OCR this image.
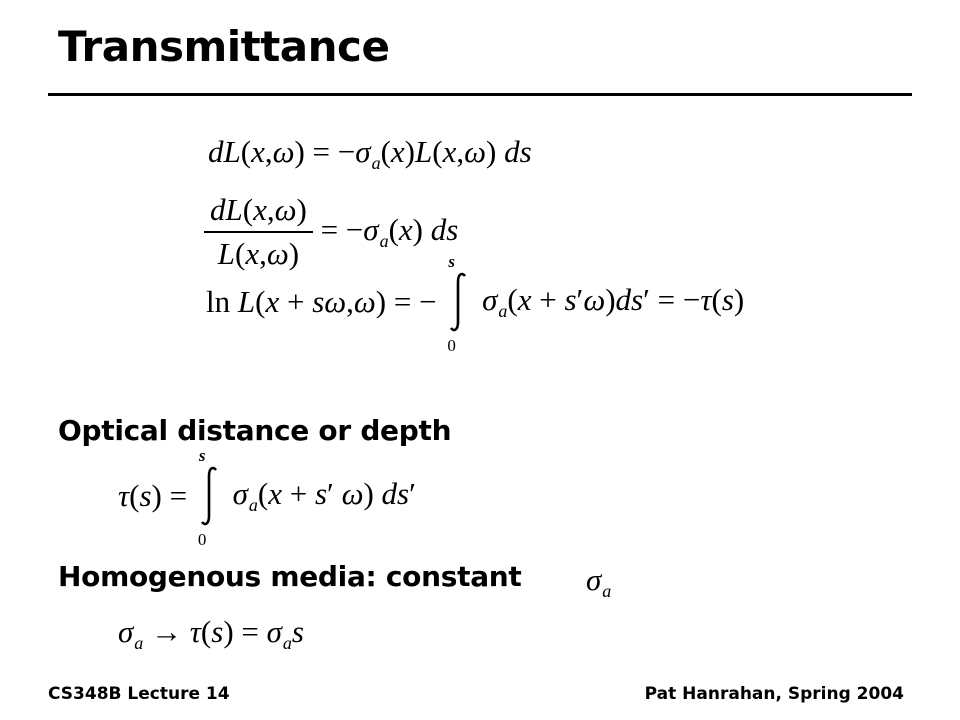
Transmittance
$dL(x,\omega) = -\sigma_a(x)L(x,\omega)$ ds
$\frac{dL(x,\omega)}{L(x,\omega)} = -\sigma_a(x)$ ds
ln L(x + sω,ω) = −
s
0
$\sigma_a(x + s'\omega)ds' = -\tau(s)$
Optical distance or depth
τ(s) =
s
0
$\sigma_a(x + s'$ ω) ds′
Homogenous media: constant $\sigma_a$
$\sigma_a \to \tau(s) = \sigma_as$
CS348B Lecture 14	Pat Hanrahan, Spring 2004
